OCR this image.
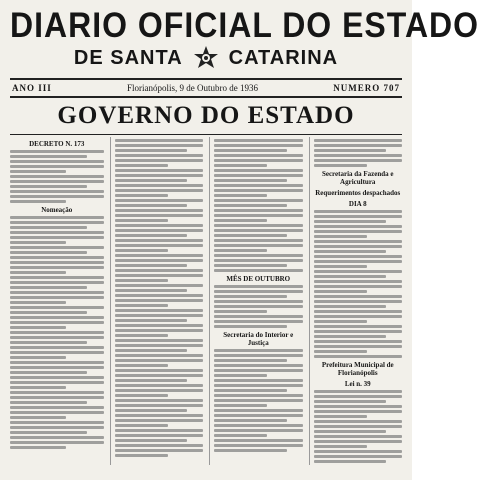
DIARIO OFICIAL DO ESTADO
DE SANTA CATARINA
ANO III	Florianópolis, 9 de Outubro de 1936	NUMERO 707
GOVERNO DO ESTADO
DECRETO N. 173
Nomeação
MÊS DE OUTUBRO
Secretaria do Interior e Justiça
Secretaria da Fazenda e Agricultura
Requerimentos despachados
DIA 8
Prefeitura Municipal de Florianópolis
Lei n. 39
